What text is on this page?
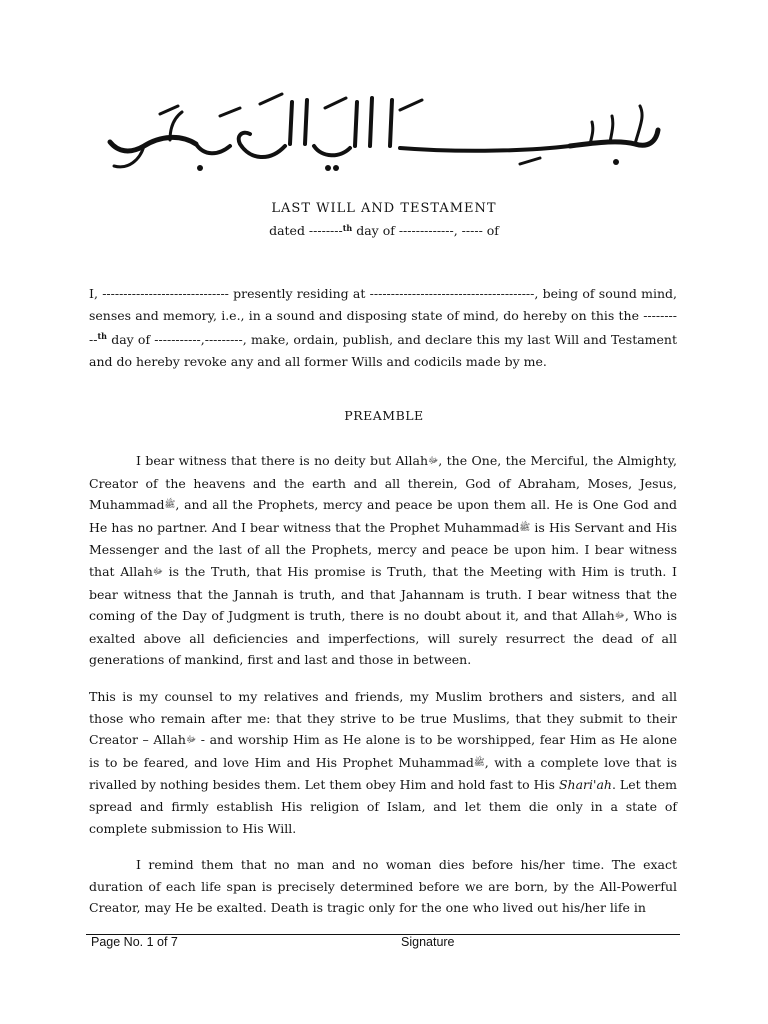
LAST WILL AND TESTAMENT
dated --------$^{th}$ day of -------------, ----- of

I, ------------------------------ presently residing at ---------------------------------------, being of sound mind, senses and memory, i.e., in a sound and disposing state of mind, do hereby on this the ----------$^{th}$ day of -----------,---------, make, ordain, publish, and declare this my last Will and Testament and do hereby revoke any and all former Wills and codicils made by me.

PREAMBLE

I bear witness that there is no deity but Allahﷻ, the One, the Merciful, the Almighty, Creator of the heavens and the earth and all therein, God of Abraham, Moses, Jesus, Muhammadﷺ, and all the Prophets, mercy and peace be upon them all. He is One God and He has no partner. And I bear witness that the Prophet Muhammadﷺ is His Servant and His Messenger and the last of all the Prophets, mercy and peace be upon him. I bear witness that Allahﷻ is the Truth, that His promise is Truth, that the Meeting with Him is truth. I bear witness that the Jannah is truth, and that Jahannam is truth. I bear witness that the coming of the Day of Judgment is truth, there is no doubt about it, and that Allahﷻ, Who is exalted above all deficiencies and imperfections, will surely resurrect the dead of all generations of mankind, first and last and those in between.

This is my counsel to my relatives and friends, my Muslim brothers and sisters, and all those who remain after me: that they strive to be true Muslims, that they submit to their Creator – Allahﷻ - and worship Him as He alone is to be worshipped, fear Him as He alone is to be feared, and love Him and His Prophet Muhammadﷺ, with a complete love that is rivalled by nothing besides them. Let them obey Him and hold fast to His Shari'ah. Let them spread and firmly establish His religion of Islam, and let them die only in a state of complete submission to His Will.

I remind them that no man and no woman dies before his/her time. The exact duration of each life span is precisely determined before we are born, by the All-Powerful Creator, may He be exalted. Death is tragic only for the one who lived out his/her life in

Page No. 1 of 7	Signature
